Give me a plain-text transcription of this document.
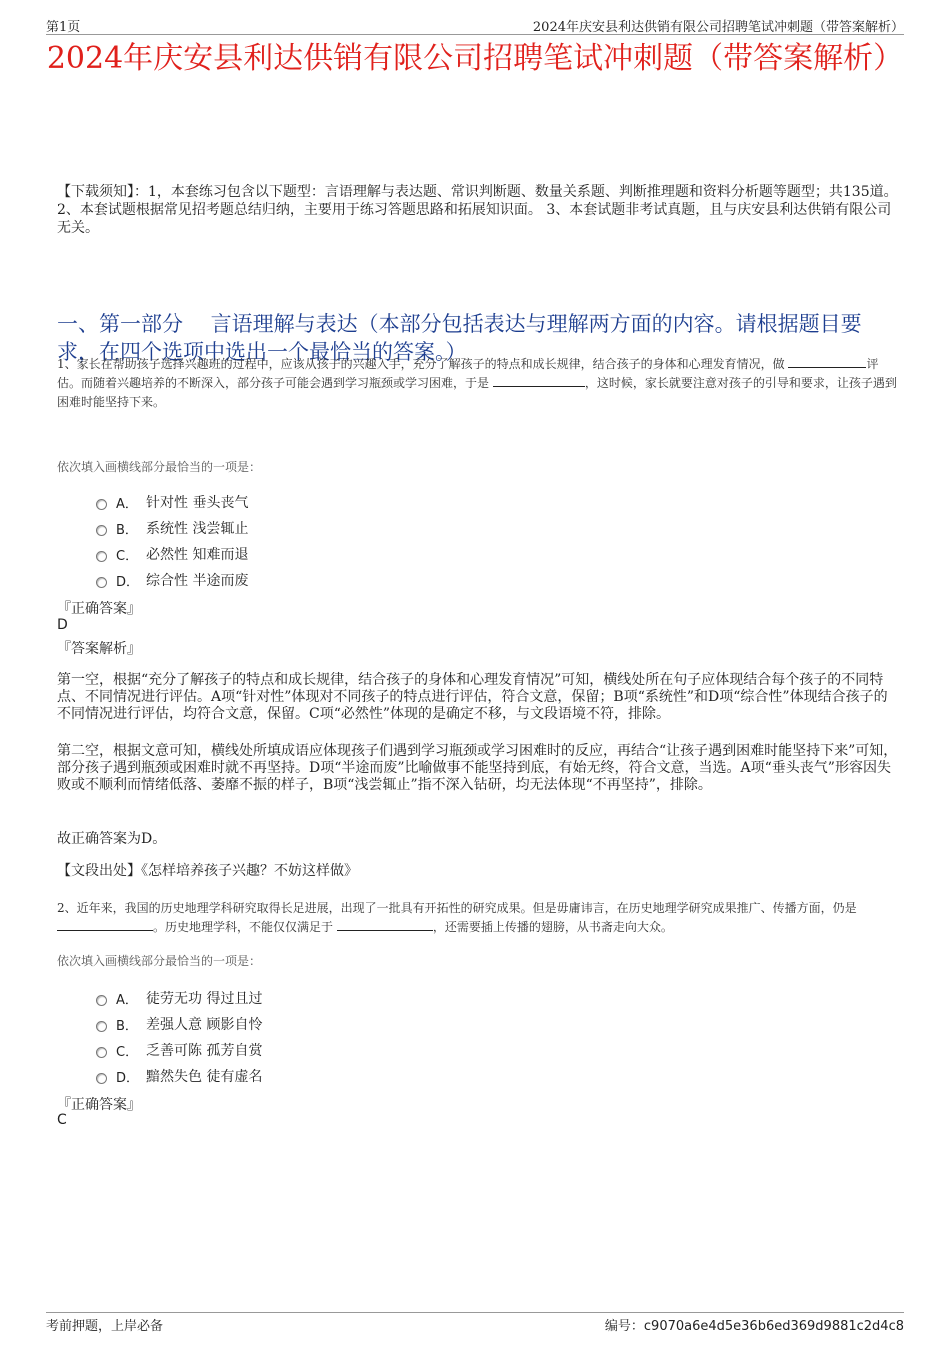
第1页	2024年庆安县利达供销有限公司招聘笔试冲刺题（带答案解析）
2024年庆安县利达供销有限公司招聘笔试冲刺题（带答案解析）
【下载须知】：1，本套练习包含以下题型：言语理解与表达题、常识判断题、数量关系题、判断推理题和资料分析题等题型；共135道。 2、本套试题根据常见招考题总结归纳，主要用于练习答题思路和拓展知识面。 3、本套试题非考试真题，且与庆安县利达供销有限公司无关。
一、第一部分　 言语理解与表达（本部分包括表达与理解两方面的内容。请根据题目要求，在四个选项中选出一个最恰当的答案。）
1、家长在帮助孩子选择兴趣班的过程中，应该从孩子的兴趣入手，充分了解孩子的特点和成长规律，结合孩子的身体和心理发育情况，做	评估。而随着兴趣培养的不断深入，部分孩子可能会遇到学习瓶颈或学习困难，于是	，这时候，家长就要注意对孩子的引导和要求，让孩子遇到困难时能坚持下来。
依次填入画横线部分最恰当的一项是：
A． 针对性 垂头丧气
B． 系统性 浅尝辄止
C． 必然性 知难而退
D． 综合性 半途而废
『正确答案』
D
『答案解析』
第一空，根据“充分了解孩子的特点和成长规律，结合孩子的身体和心理发育情况”可知，横线处所在句子应体现结合每个孩子的不同特点、不同情况进行评估。A项“针对性”体现对不同孩子的特点进行评估，符合文意，保留；B项“系统性”和D项“综合性”体现结合孩子的不同情况进行评估，均符合文意，保留。C项“必然性”体现的是确定不移，与文段语境不符，排除。
第二空，根据文意可知，横线处所填成语应体现孩子们遇到学习瓶颈或学习困难时的反应，再结合“让孩子遇到困难时能坚持下来”可知，部分孩子遇到瓶颈或困难时就不再坚持。D项“半途而废”比喻做事不能坚持到底，有始无终，符合文意，当选。A项“垂头丧气”形容因失败或不顺利而情绪低落、萎靡不振的样子，B项“浅尝辄止”指不深入钻研，均无法体现“不再坚持”，排除。
故正确答案为D。
【文段出处】《怎样培养孩子兴趣？不妨这样做》
2、近年来，我国的历史地理学科研究取得长足进展，出现了一批具有开拓性的研究成果。但是毋庸讳言，在历史地理学研究成果推广、传播方面，仍是 。历史地理学科，不能仅仅满足于	，还需要插上传播的翅膀，从书斋走向大众。
依次填入画横线部分最恰当的一项是：
A． 徒劳无功 得过且过
B． 差强人意 顾影自怜
C． 乏善可陈 孤芳自赏
D． 黯然失色 徒有虚名
『正确答案』
C
考前押题，上岸必备	编号：c9070a6e4d5e36b6ed369d9881c2d4c8
